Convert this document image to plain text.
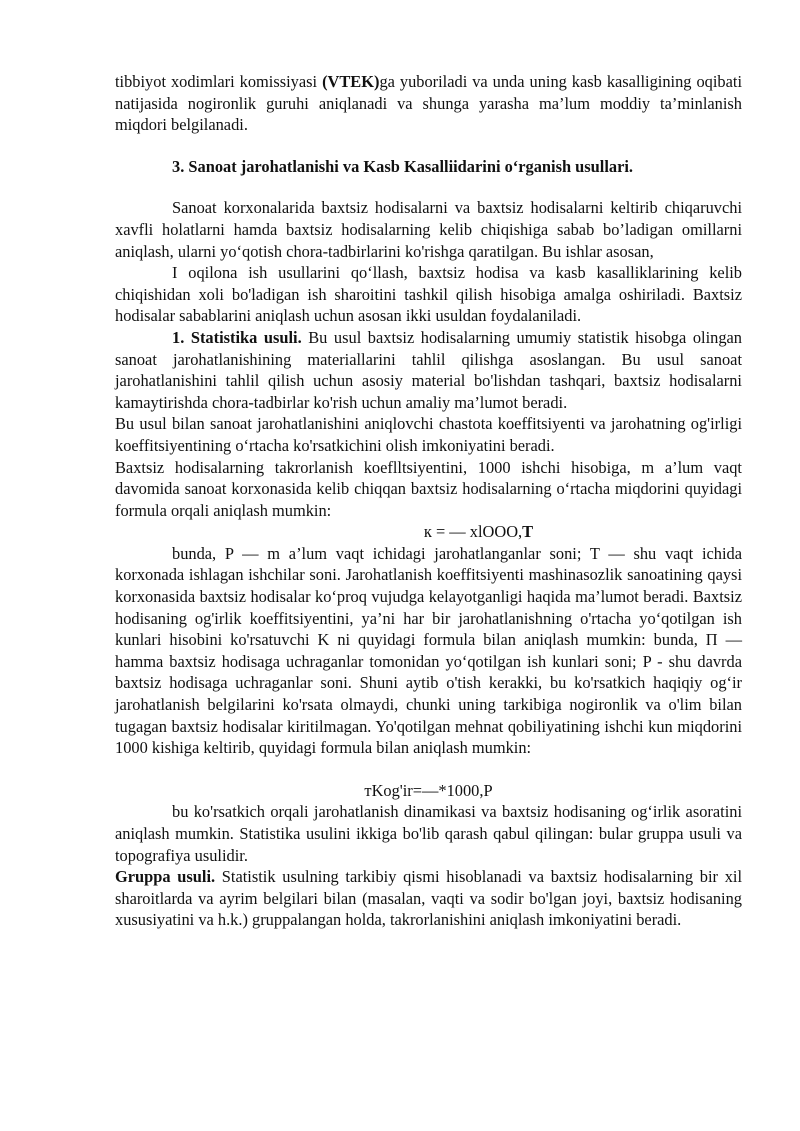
tibbiyot xodimlari komissiyasi (VTEK)ga yuboriladi va unda uning kasb kasalligining oqibati natijasida nogironlik guruhi aniqlanadi va shunga yarasha ma’lum moddiy ta’minlanish miqdori belgilanadi.

3. Sanoat jarohatlanishi va Kasb Kasalliidarini o‘rganish usullari.

Sanoat korxonalarida baxtsiz hodisalarni va baxtsiz hodisalarni keltirib chiqaruvchi xavfli holatlarni hamda baxtsiz hodisalarning kelib chiqishiga sabab bo’ladigan omillarni aniqlash, ularni yo‘qotish chora-tadbirlarini ko'rishga qaratilgan. Bu ishlar asosan,

I oqilona ish usullarini qo‘llash, baxtsiz hodisa va kasb kasalliklarining kelib chiqishidan xoli bo'ladigan ish sharoitini tashkil qilish hisobiga amalga oshiriladi. Baxtsiz hodisalar sabablarini aniqlash uchun asosan ikki usuldan foydalaniladi.

1. Statistika usuli. Bu usul baxtsiz hodisalarning umumiy statistik hisobga olingan sanoat jarohatlanishining materiallarini tahlil qilishga asoslangan. Bu usul sanoat jarohatlanishini tahlil qilish uchun asosiy material bo'lishdan tashqari, baxtsiz hodisalarni kamaytirishda chora-tadbirlar ko'rish uchun amaliy ma’lumot beradi.

Bu usul bilan sanoat jarohatlanishini aniqlovchi chastota koeffitsiyenti va jarohatning og'irligi koeffitsiyentining o‘rtacha ko'rsatkichini olish imkoniyatini beradi.

Baxtsiz hodisalarning takrorlanish koeflltsiyentini, 1000 ishchi hisobiga, m a’lum vaqt davomida sanoat korxonasida kelib chiqqan baxtsiz hodisalarning o‘rtacha miqdorini quyidagi formula orqali aniqlash mumkin:

к = — xlOOO,T

bunda, P — m a’lum vaqt ichidagi jarohatlanganlar soni; T — shu vaqt ichida korxonada ishlagan ishchilar soni. Jarohatlanish koeffitsiyenti mashinasozlik sanoatining qaysi korxonasida baxtsiz hodisalar ko‘proq vujudga kelayotganligi haqida ma’lumot beradi. Baxtsiz hodisaning og'irlik koeffitsiyentini, ya’ni har bir jarohatlanishning o'rtacha yo‘qotilgan ish kunlari hisobini ko'rsatuvchi K ni quyidagi formula bilan aniqlash mumkin: bunda, П — hamma baxtsiz hodisaga uchraganlar tomonidan yo‘qotilgan ish kunlari soni; P - shu davrda baxtsiz hodisaga uchraganlar soni. Shuni aytib o'tish kerakki, bu ko'rsatkich haqiqiy og‘ir jarohatlanish belgilarini ko'rsata olmaydi, chunki uning tarkibiga nogironlik va o'lim bilan tugagan baxtsiz hodisalar kiritilmagan. Yo'qotilgan mehnat qobiliyatining ishchi kun miqdorini 1000 kishiga keltirib, quyidagi formula bilan aniqlash mumkin:

тKog'ir=—*1000,P

bu ko'rsatkich orqali jarohatlanish dinamikasi va baxtsiz hodisaning og‘irlik asoratini aniqlash mumkin. Statistika usulini ikkiga bo'lib qarash qabul qilingan: bular gruppa usuli va topografiya usulidir.

Gruppa usuli. Statistik usulning tarkibiy qismi hisoblanadi va baxtsiz hodisalarning bir xil sharoitlarda va ayrim belgilari bilan (masalan, vaqti va sodir bo'lgan joyi, baxtsiz hodisaning xususiyatini va h.k.) gruppalangan holda, takrorlanishini aniqlash imkoniyatini beradi.
